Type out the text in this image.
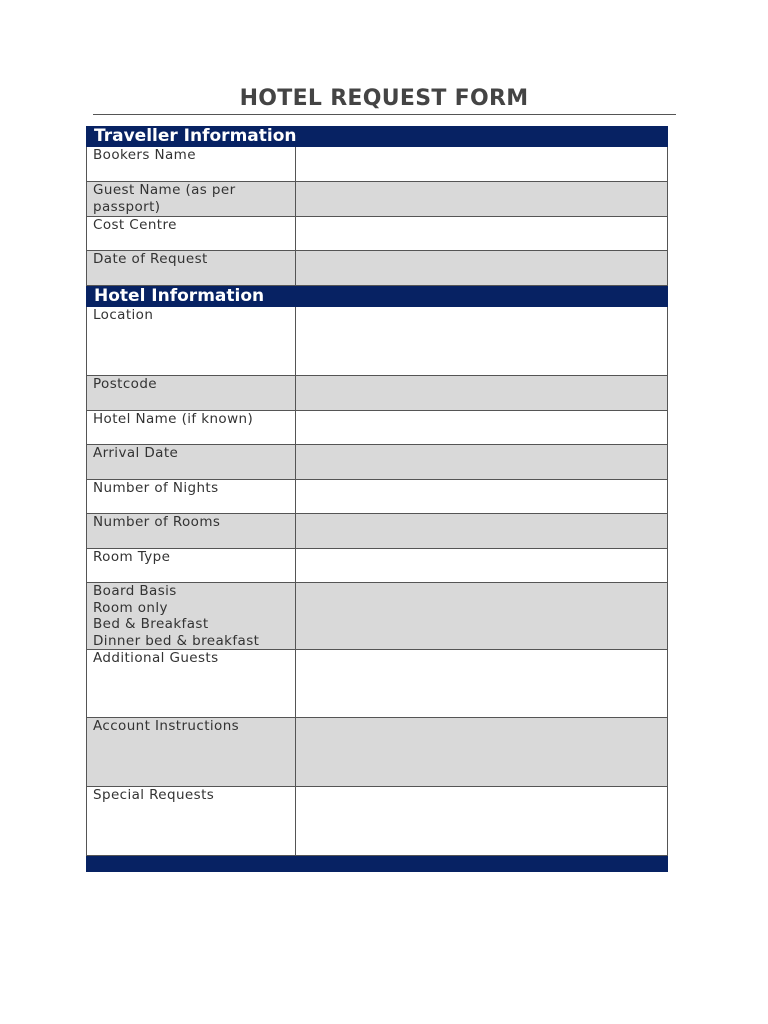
HOTEL REQUEST FORM
Traveller Information
Bookers Name
Guest Name (as per
passport)
Cost Centre
Date of Request
Hotel Information
Location
Postcode
Hotel Name (if known)
Arrival Date
Number of Nights
Number of Rooms
Room Type
Board Basis
Room only
Bed & Breakfast
Dinner bed & breakfast
Additional Guests
Account Instructions
Special Requests
